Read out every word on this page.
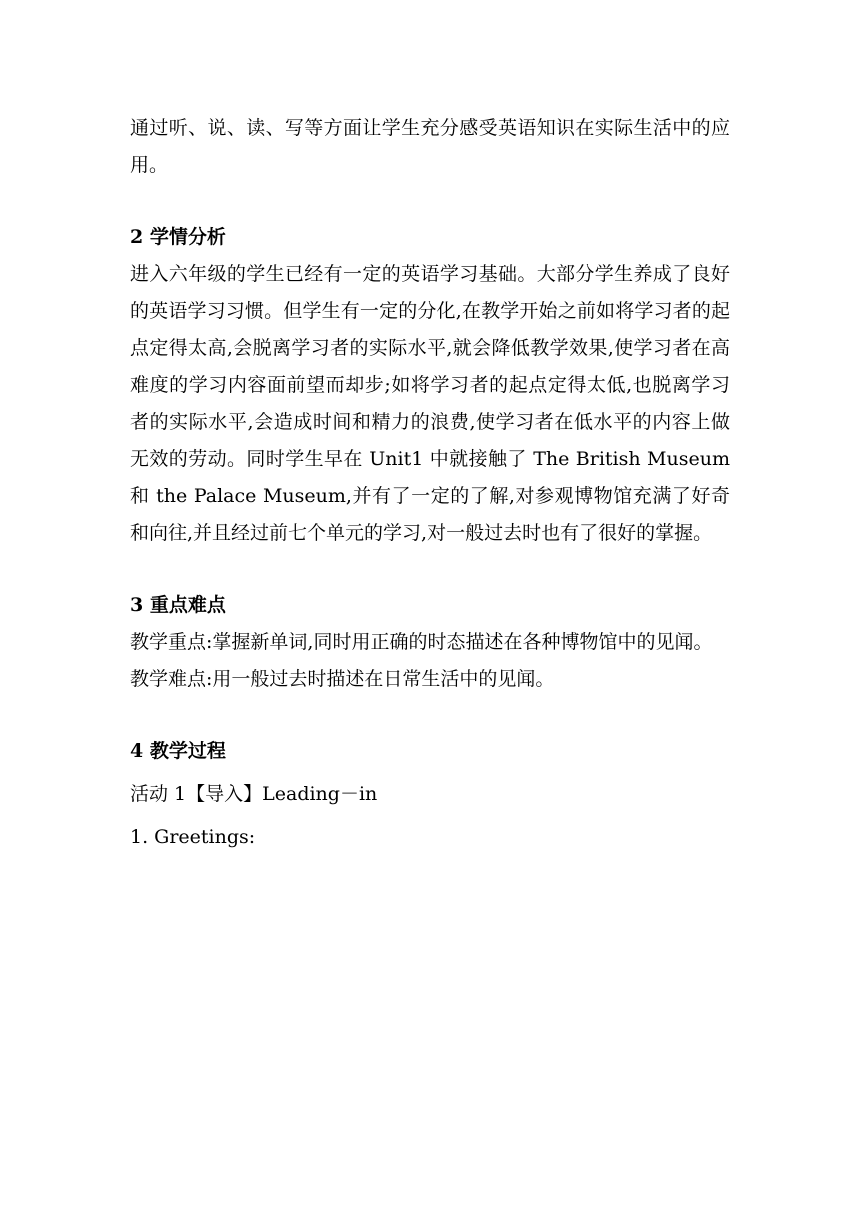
通过听、说、读、写等方面让学生充分感受英语知识在实际生活中的应用。

2 学情分析

进入六年级的学生已经有一定的英语学习基础。大部分学生养成了良好的英语学习习惯。但学生有一定的分化,在教学开始之前如将学习者的起点定得太高,会脱离学习者的实际水平,就会降低教学效果,使学习者在高难度的学习内容面前望而却步;如将学习者的起点定得太低,也脱离学习者的实际水平,会造成时间和精力的浪费,使学习者在低水平的内容上做无效的劳动。同时学生早在 Unit1 中就接触了 The British Museum 和 the Palace Museum,并有了一定的了解,对参观博物馆充满了好奇和向往,并且经过前七个单元的学习,对一般过去时也有了很好的掌握。

3 重点难点

教学重点:掌握新单词,同时用正确的时态描述在各种博物馆中的见闻。

教学难点:用一般过去时描述在日常生活中的见闻。

4 教学过程

活动 1【导入】Leading－in

1. Greetings:
